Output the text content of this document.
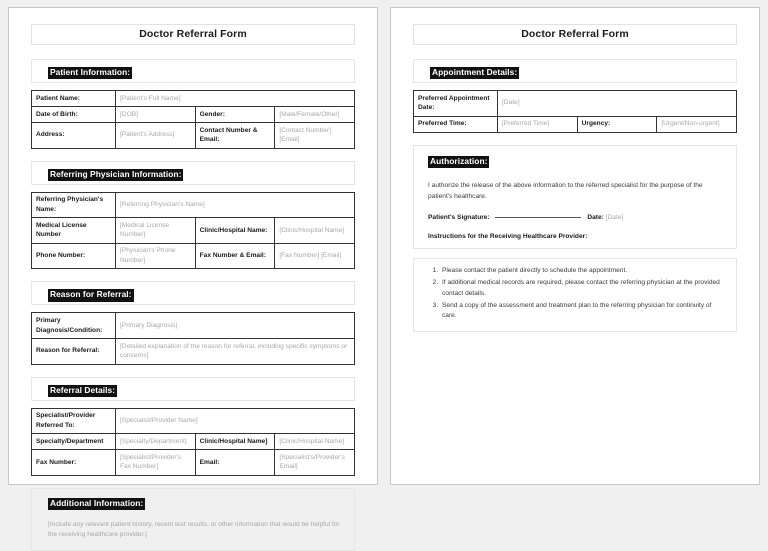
Doctor Referral Form
Patient Information:
Patient Name:	[Patient's Full Name]		
Date of Birth:	[DOB]	Gender:	[Male/Female/Other]
Address:	[Patient's Address]	Contact Number & Email:	[Contact Number] [Email]
Referring Physician Information:
Referring Physician's Name:	[Referring Physician's Name]		
Medical License Number	[Medical License Number]	Clinic/Hospital Name:	[Clinic/Hospital Name]
Phone Number:	[Physician's Phone Number]	Fax Number & Email:	[Fax Number] [Email]
Reason for Referral:
Primary Diagnosis/Condition:	[Primary Diagnosis]
Reason for Referral:	[Detailed explanation of the reason for referral, including specific symptoms or concerns]
Referral Details:
Specialist/Provider Referred To:	[Specialist/Provider Name]		
Specialty/Department	[Specialty/Department]	Clinic/Hospital Name]	[Clinic/Hospital Name]
Fax Number:	[Specialist/Provider's Fax Number]	Email:	[Specialist's/Provider's Email]
Additional Information:
[Include any relevant patient history, recent test results, or other information that would be helpful for the receiving healthcare provider.]
Doctor Referral Form
Appointment Details:
Preferred Appointment Date:	[Date]		
Preferred Time:	[Preferred Time]	Urgency:	[Urgent/Non-urgent]
Authorization:
I authorize the release of the above information to the referred specialist for the purpose of the patient's healthcare.
Patient's Signature:	Date: [Date]
Instructions for the Receiving Healthcare Provider:
1. Please contact the patient directly to schedule the appointment.
2. If additional medical records are required, please contact the referring physician at the provided contact details.
3. Send a copy of the assessment and treatment plan to the referring physician for continuity of care.
